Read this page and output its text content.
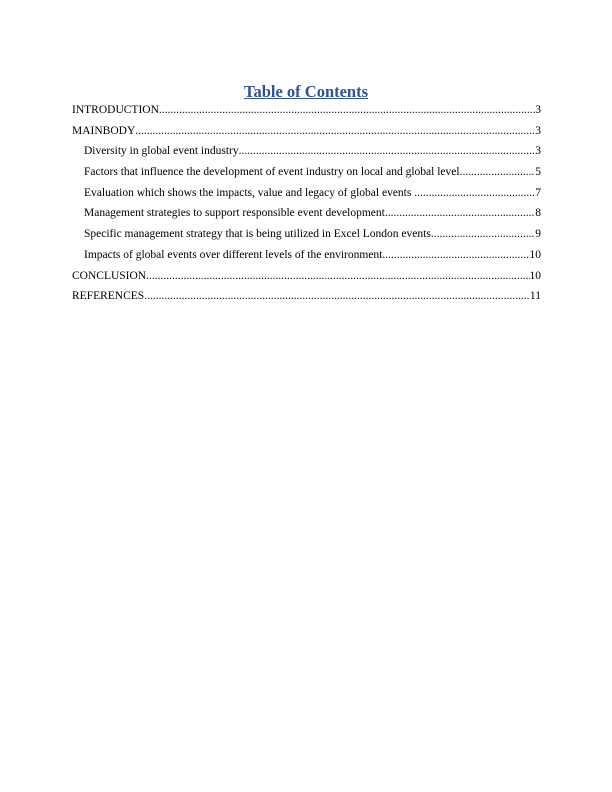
Table of Contents
INTRODUCTION .....	3
MAINBODY .....	3
Diversity in global event industry .....	3
Factors that influence the development of event industry on local and global level .....	5
Evaluation which shows the impacts, value and legacy of global events .....	7
Management strategies to support responsible event development .....	8
Specific management strategy that is being utilized in Excel London events .....	9
Impacts of global events over different levels of the environment .....	10
CONCLUSION .....	10
REFERENCES .....	11
